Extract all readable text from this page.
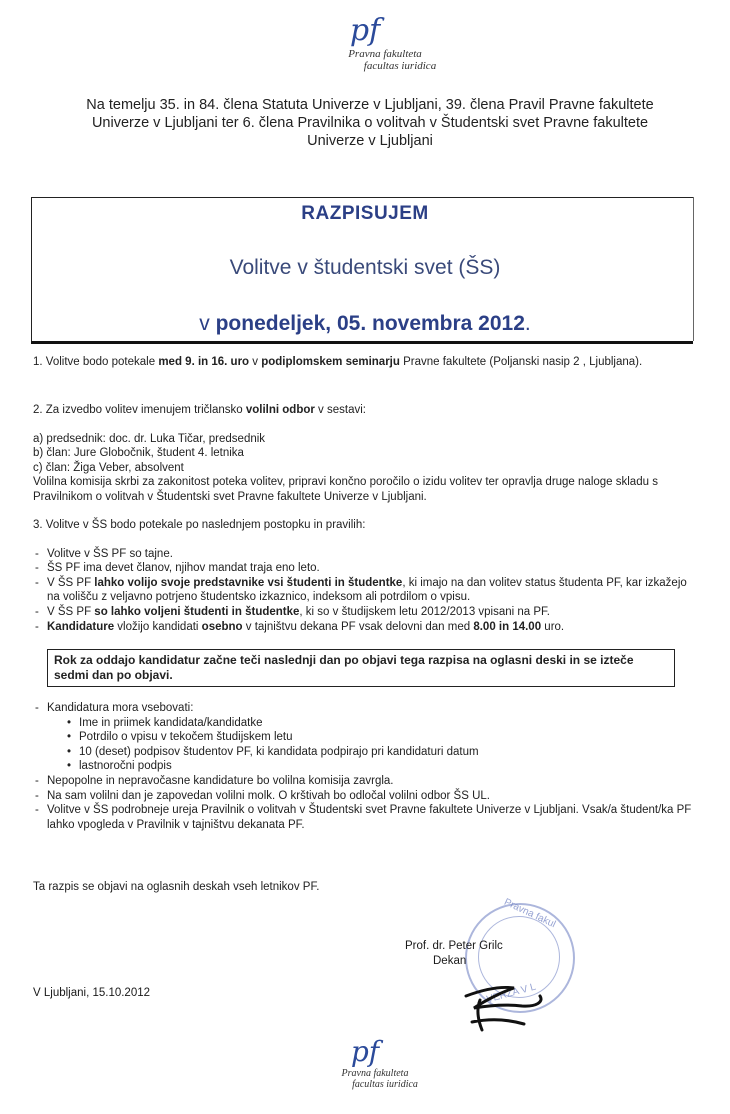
pf
Pravna fakulteta
facultas iuridica
Na temelju 35. in 84. člena Statuta Univerze v Ljubljani, 39. člena Pravil Pravne fakultete Univerze v Ljubljani ter 6. člena Pravilnika o volitvah v Študentski svet Pravne fakultete Univerze v Ljubljani
RAZPISUJEM
Volitve v študentski svet (ŠS)
v ponedeljek, 05. novembra 2012.
1. Volitve bodo potekale med 9. in 16. uro v podiplomskem seminarju Pravne fakultete (Poljanski nasip 2 , Ljubljana).
2. Za izvedbo volitev imenujem tričlansko volilni odbor v sestavi:
a) predsednik: doc. dr. Luka Tičar, predsednik
b) član: Jure Globočnik, študent 4. letnika
c) član: Žiga Veber, absolvent
Volilna komisija skrbi za zakonitost poteka volitev, pripravi končno poročilo o izidu volitev ter opravlja druge naloge skladu s Pravilnikom o volitvah v Študentski svet Pravne fakultete Univerze v Ljubljani.
3. Volitve v ŠS bodo potekale po naslednjem postopku in pravilih:
- Volitve v ŠS PF so tajne.
- ŠS PF ima devet članov, njihov mandat traja eno leto.
- V ŠS PF lahko volijo svoje predstavnike vsi študenti in študentke, ki imajo na dan volitev status študenta PF, kar izkažejo na volišču z veljavno potrjeno študentsko izkaznico, indeksom ali potrdilom o vpisu.
- V ŠS PF so lahko voljeni študenti in študentke, ki so v študijskem letu 2012/2013 vpisani na PF.
- Kandidature vložijo kandidati osebno v tajništvu dekana PF vsak delovni dan med 8.00 in 14.00 uro.
Rok za oddajo kandidatur začne teči naslednji dan po objavi tega razpisa na oglasni deski in se izteče sedmi dan po objavi.
- Kandidatura mora vsebovati:
• Ime in priimek kandidata/kandidatke
• Potrdilo o vpisu v tekočem študijskem letu
• 10 (deset) podpisov študentov PF, ki kandidata podpirajo pri kandidaturi datum
• lastnoročni podpis
- Nepopolne in nepravočasne kandidature bo volilna komisija zavrgla.
- Na sam volilni dan je zapovedan volilni molk. O krštivah bo odločal volilni odbor ŠS UL.
- Volitve v ŠS podrobneje ureja Pravilnik o volitvah v Študentski svet Pravne fakultete Univerze v Ljubljani. Vsak/a študent/ka PF lahko vpogleda v Pravilnik v tajništvu dekanata PF.
Ta razpis se objavi na oglasnih deskah vseh letnikov PF.
Pravna fakul
VERZA V L
Prof. dr. Peter Grilc
Dekan
V Ljubljani, 15.10.2012
pf
Pravna fakulteta
facultas iuridica
